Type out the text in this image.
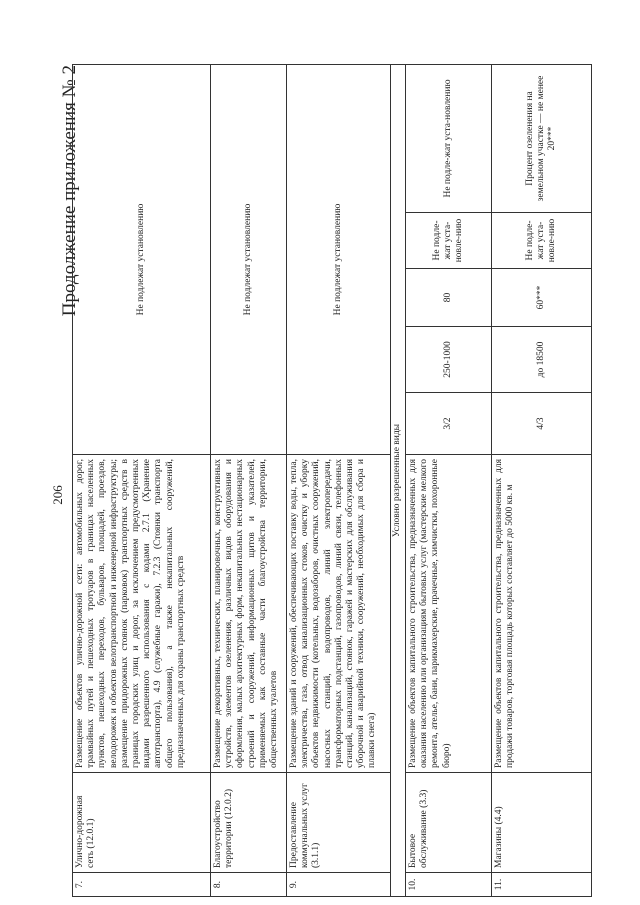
Продолжение приложения № 2
206
7.	Улично-дорожная сеть (12.0.1)	Размещение объектов улично-дорожной сети: автомобильных дорог, трамвайных путей и пешеходных тротуаров в границах населенных пунктов, пешеходных переходов, бульваров, площадей, проездов, велодорожек и объектов велотранспортной и инженерной инфраструктуры; размещение придорожных стоянок (парковок) транспортных средств в границах городских улиц и дорог, за исключением предусмотренных видами разрешенного использования с кодами 2.7.1 (Хранение автотранспорта), 4.9 (служебные гаражи), 7.2.3 (Стоянки транспорта общего пользования), а также некапитальных сооружений, предназначенных для охраны транспортных средств	Не подлежат установлению				
8.	Благоустройство территории (12.0.2)	Размещение декоративных, технических, планировочных, конструктивных устройств, элементов озеленения, различных видов оборудования и оформления, малых архитектурных форм, некапитальных нестационарных строений и сооружений, информационных щитов и указателей, применяемых как составные части благоустройства территории, общественных туалетов	Не подлежат установлению				
9.	Предоставление коммунальных услуг (3.1.1)	Размещение зданий и сооружений, обеспечивающих поставку воды, тепла, электричества, газа, отвод канализационных стоков, очистку и уборку объектов недвижимости (котельных, водозаборов, очистных сооружений, насосных станций, водопроводов, линий электропередачи, трансформаторных подстанций, газопроводов, линий связи, телефонных станций, канализаций, стоянок, гаражей и мастерских для обслуживания уборочной и аварийной техники, сооружений, необходимых для сбора и плавки снега)	Не подлежат установлению				
Условно разрешенные виды							
10.	Бытовое обслуживание (3.3)	Размещение объектов капитального строительства, предназначенных для оказания населению или организациям бытовых услуг (мастерские мелкого ремонта, ателье, бани, парикмахерские, прачечные, химчистки, похоронные бюро)	3/2	250-1000	80	Не подле-жат уста-новле-нию	Не подле-жат уста-новлению
11.	Магазины (4.4)	Размещение объектов капитального строительства, предназначенных для продажи товаров, торговая площадь которых составляет до 5000 кв. м	4/3	до 18500	60***	Не подле-жат уста-новле-нию	Процент озеленения на земельном участке — не менее 20***
